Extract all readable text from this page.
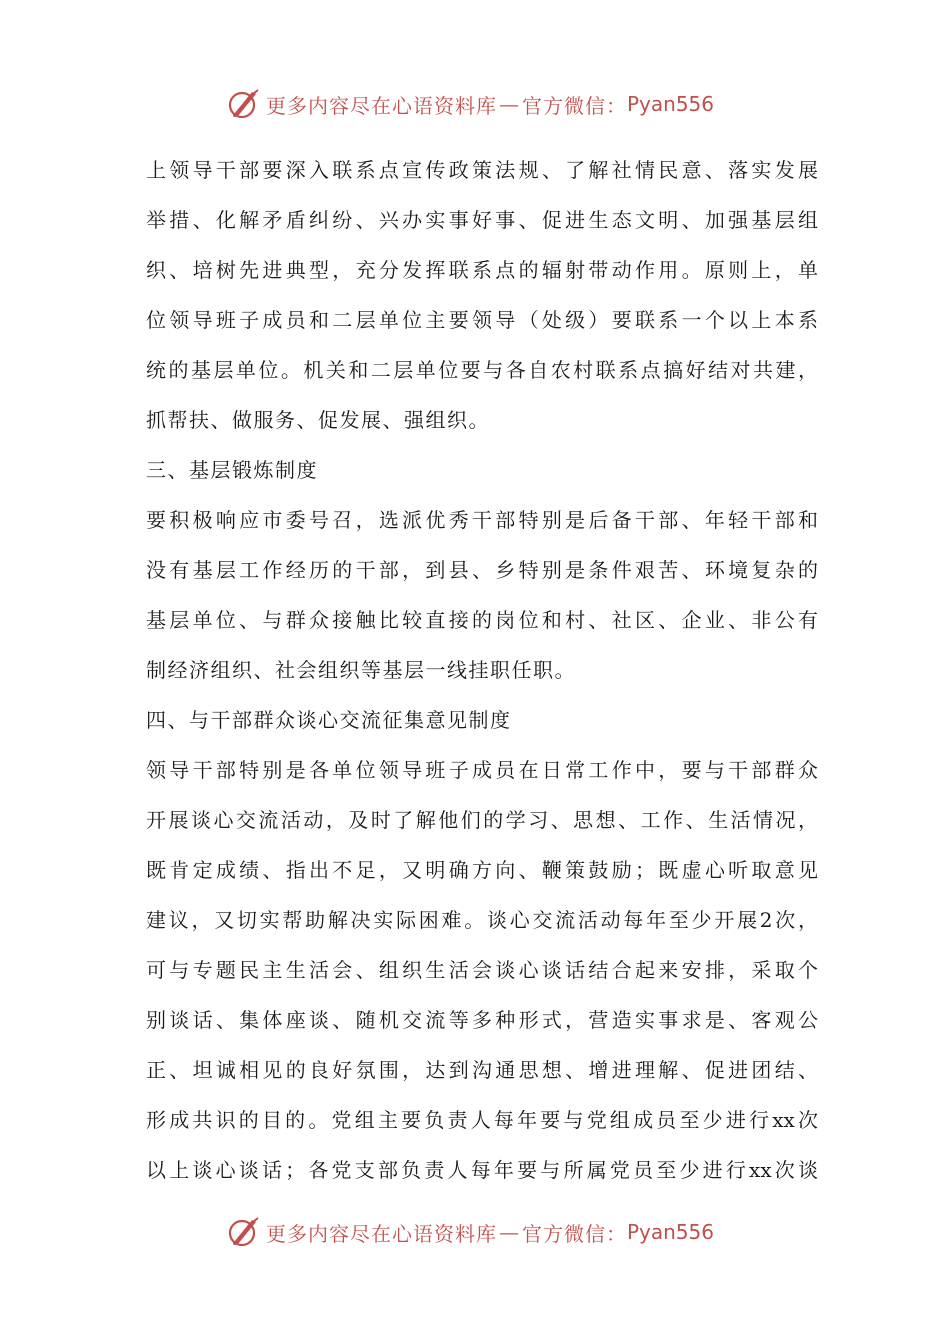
更多内容尽在心语资料库 — 官方微信： Pyan556
上领导干部要深入联系点宣传政策法规、了解社情民意、落实发展
举措、化解矛盾纠纷、兴办实事好事、促进生态文明、加强基层组
织、培树先进典型，充分发挥联系点的辐射带动作用。原则上，单
位领导班子成员和二层单位主要领导（处级）要联系一个以上本系
统的基层单位。机关和二层单位要与各自农村联系点搞好结对共建，
抓帮扶、做服务、促发展、强组织。
三、基层锻炼制度
要积极响应市委号召，选派优秀干部特别是后备干部、年轻干部和
没有基层工作经历的干部，到县、乡特别是条件艰苦、环境复杂的
基层单位、与群众接触比较直接的岗位和村、社区、企业、非公有
制经济组织、社会组织等基层一线挂职任职。
四、与干部群众谈心交流征集意见制度
领导干部特别是各单位领导班子成员在日常工作中，要与干部群众
开展谈心交流活动，及时了解他们的学习、思想、工作、生活情况，
既肯定成绩、指出不足，又明确方向、鞭策鼓励；既虚心听取意见
建议，又切实帮助解决实际困难。谈心交流活动每年至少开展2次，
可与专题民主生活会、组织生活会谈心谈话结合起来安排，采取个
别谈话、集体座谈、随机交流等多种形式，营造实事求是、客观公
正、坦诚相见的良好氛围，达到沟通思想、增进理解、促进团结、
形成共识的目的。党组主要负责人每年要与党组成员至少进行xx次
以上谈心谈话；各党支部负责人每年要与所属党员至少进行xx次谈
更多内容尽在心语资料库 — 官方微信： Pyan556
